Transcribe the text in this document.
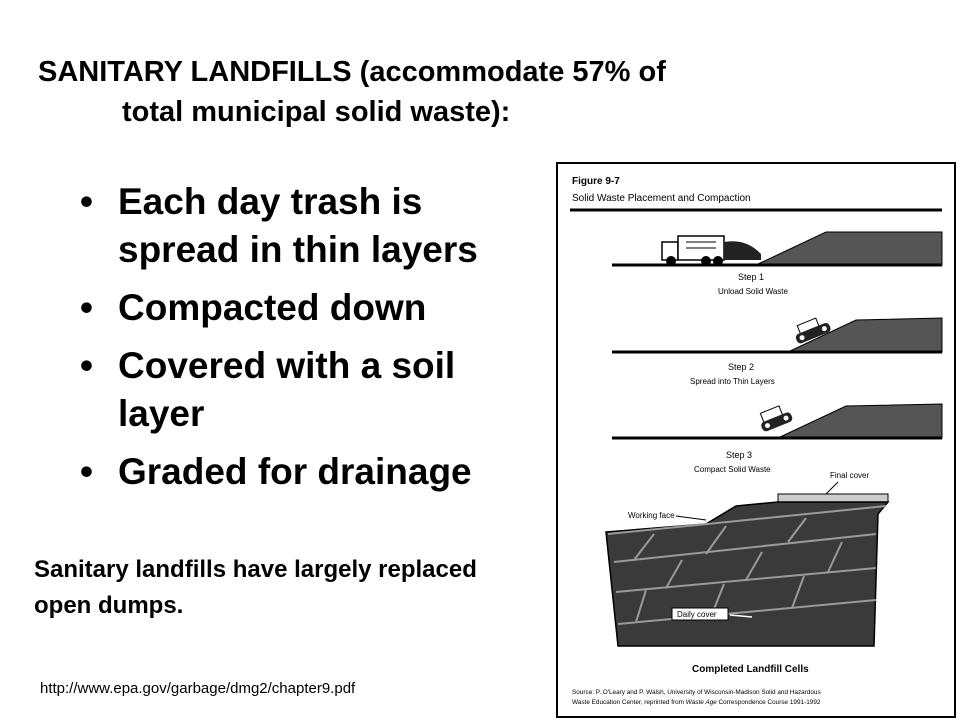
SANITARY LANDFILLS (accommodate 57% of
total municipal solid waste):
• Each day trash is spread in thin layers
• Compacted down
• Covered with a soil layer
• Graded for drainage
Sanitary landfills have largely replaced open dumps.
http://www.epa.gov/garbage/dmg2/chapter9.pdf
Figure 9-7
Solid Waste Placement and Compaction
Step 1
Unload Solid Waste
Step 2
Spread into Thin Layers
Step 3
Compact Solid Waste
Final cover
Working face
Daily cover
Completed Landfill Cells
Source: P. O'Leary and P. Walsh, University of Wisconsin-Madison Solid and Hazardous
Waste Education Center, reprinted from Waste Age Correspondence Course 1991-1992
